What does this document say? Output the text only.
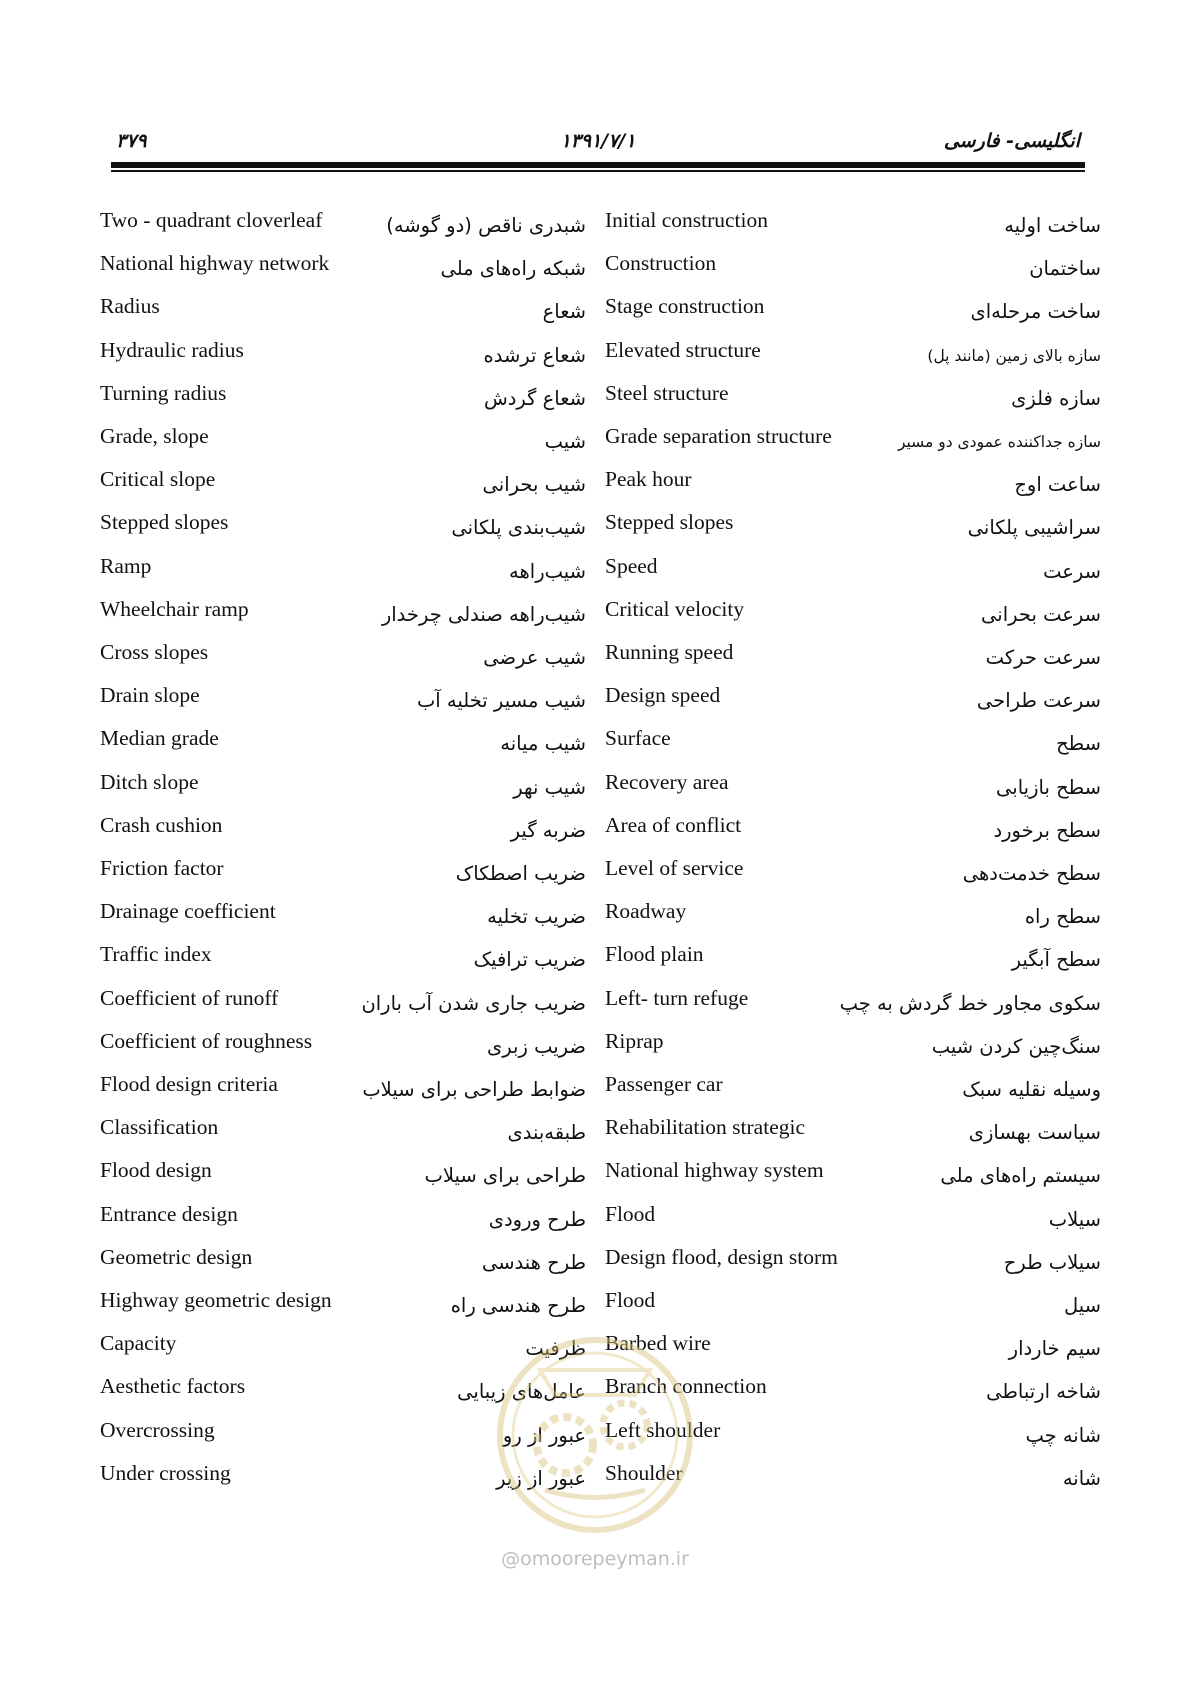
۳۷۹	۱۳۹۱/۷/۱	انگلیسی- فارسی
Two - quadrant cloverleaf	شبدری ناقص (دو گوشه) Initial construction	ساخت اولیه
National highway network	شبکه راه‌های ملی Construction	ساختمان
Radius	شعاع Stage construction	ساخت مرحله‌ای
Hydraulic radius	شعاع ترشده Elevated structure	سازه بالای زمین (مانند پل)
Turning radius	شعاع گردش Steel structure	سازه فلزی
Grade, slope	شیب Grade separation structure	سازه جداکننده عمودی دو مسیر
Critical slope	شیب بحرانی Peak hour	ساعت اوج
Stepped slopes	شیب‌بندی پلکانی Stepped slopes	سراشیبی پلکانی
Ramp	شیب‌راهه Speed	سرعت
Wheelchair ramp	شیب‌راهه صندلی چرخدار Critical velocity	سرعت بحرانی
Cross slopes	شیب عرضی Running speed	سرعت حرکت
Drain slope	شیب مسیر تخلیه آب Design speed	سرعت طراحی
Median grade	شیب میانه Surface	سطح
Ditch slope	شیب نهر Recovery area	سطح بازیابی
Crash cushion	ضربه گیر Area of conflict	سطح برخورد
Friction factor	ضریب اصطکاک Level of service	سطح خدمت‌دهی
Drainage coefficient	ضریب تخلیه Roadway	سطح راه
Traffic index	ضریب ترافیک Flood plain	سطح آبگیر
Coefficient of runoff	ضریب جاری شدن آب باران Left- turn refuge	سکوی مجاور خط گردش به چپ
Coefficient of roughness	ضریب زبری Riprap	سنگ‌چین کردن شیب
Flood design criteria	ضوابط طراحی برای سیلاب Passenger car	وسیله نقلیه سبک
Classification	طبقه‌بندی Rehabilitation strategic	سیاست بهسازی
Flood design	طراحی برای سیلاب National highway system	سیستم راه‌های ملی
Entrance design	طرح ورودی Flood	سیلاب
Geometric design	طرح هندسی Design flood, design storm	سیلاب طرح
Highway geometric design	طرح هندسی راه Flood	سیل
Capacity	ظرفیت Barbed wire	سیم خاردار
Aesthetic factors	عامل‌های زیبایی Branch connection	شاخه ارتباطی
Overcrossing	عبور از رو Left shoulder	شانه چپ
Under crossing	عبور از زیر Shoulder	شانه
@omoorepeyman.ir
